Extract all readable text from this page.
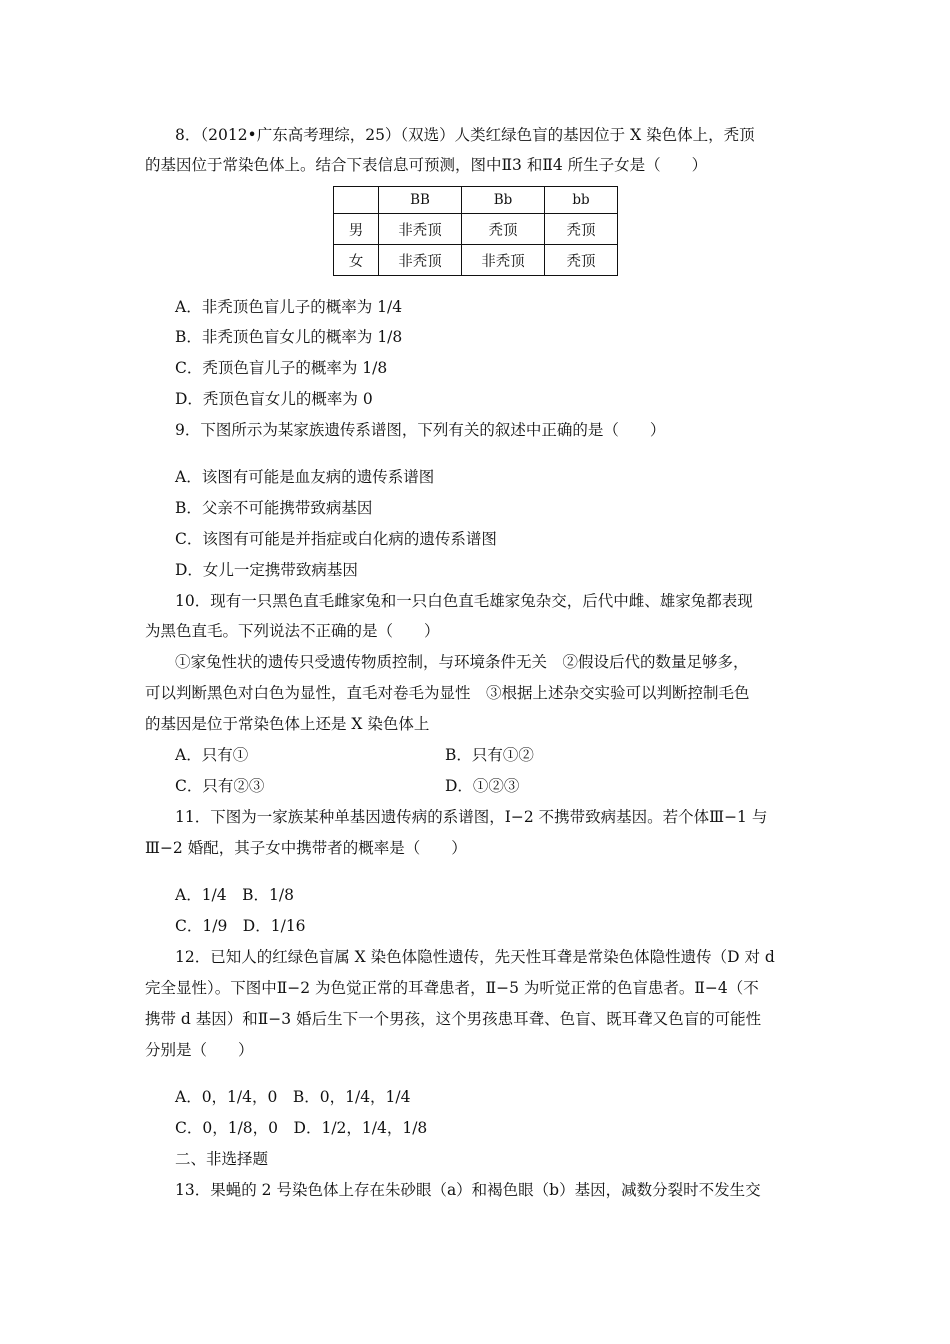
8．（2012•广东高考理综，25）（双选）人类红绿色盲的基因位于 X 染色体上，秃顶
的基因位于常染色体上。结合下表信息可预测，图中Ⅱ3 和Ⅱ4 所生子女是（　　）
	BB	Bb	bb
男	非秃顶	秃顶	秃顶
女	非秃顶	非秃顶	秃顶
A．非秃顶色盲儿子的概率为 1/4
B．非秃顶色盲女儿的概率为 1/8
C．秃顶色盲儿子的概率为 1/8
D．秃顶色盲女儿的概率为 0
9．下图所示为某家族遗传系谱图，下列有关的叙述中正确的是（　　）
A．该图有可能是血友病的遗传系谱图
B．父亲不可能携带致病基因
C．该图有可能是并指症或白化病的遗传系谱图
D．女儿一定携带致病基因
10．现有一只黑色直毛雌家兔和一只白色直毛雄家兔杂交，后代中雌、雄家兔都表现
为黑色直毛。下列说法不正确的是（　　）
①家兔性状的遗传只受遗传物质控制，与环境条件无关　②假设后代的数量足够多，
可以判断黑色对白色为显性，直毛对卷毛为显性　③根据上述杂交实验可以判断控制毛色
的基因是位于常染色体上还是 X 染色体上
A．只有①	B．只有①②
C．只有②③	D．①②③
11．下图为一家族某种单基因遗传病的系谱图，Ⅰ−2 不携带致病基因。若个体Ⅲ−1 与
Ⅲ−2 婚配，其子女中携带者的概率是（　　）
A．1/4　B．1/8
C．1/9　D．1/16
12．已知人的红绿色盲属 X 染色体隐性遗传，先天性耳聋是常染色体隐性遗传（D 对 d
完全显性）。下图中Ⅱ−2 为色觉正常的耳聋患者，Ⅱ−5 为听觉正常的色盲患者。Ⅱ−4（不
携带 d 基因）和Ⅱ−3 婚后生下一个男孩，这个男孩患耳聋、色盲、既耳聋又色盲的可能性
分别是（　　）
A．0，1/4，0　B．0，1/4，1/4
C．0，1/8，0　D．1/2，1/4，1/8
二、非选择题
13．果蝇的 2 号染色体上存在朱砂眼（a）和褐色眼（b）基因，减数分裂时不发生交
